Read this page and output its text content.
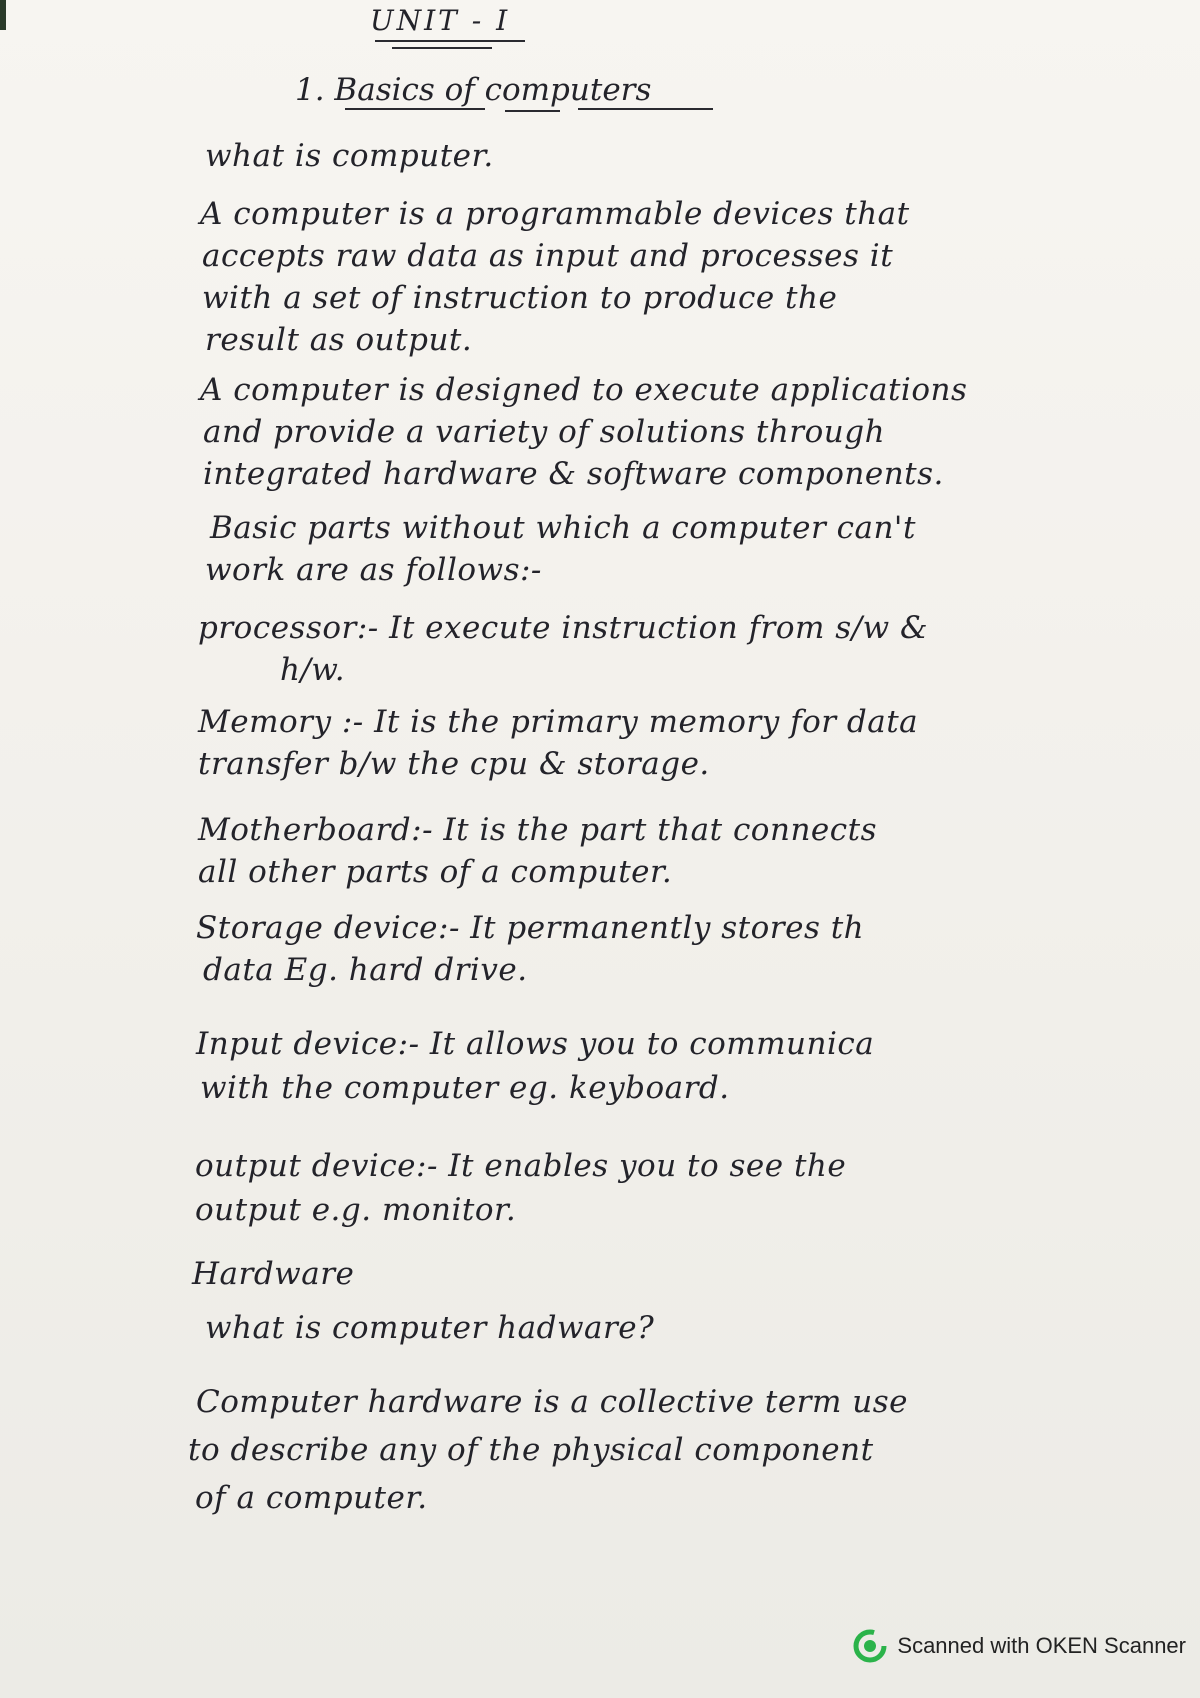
UNIT - I
1. Basics of computers
what is computer.
A computer is a programmable devices that
accepts raw data as input and processes it
with a set of instruction to produce the
result as output.
A computer is designed to execute applications
and provide a variety of solutions through
integrated hardware & software components.
Basic parts without which a computer can't
work are as follows:-
processor:- It execute instruction from s/w &
h/w.
Memory :- It is the primary memory for data
transfer b/w the cpu & storage.
Motherboard:- It is the part that connects
all other parts of a computer.
Storage device:- It permanently stores th
data Eg. hard drive.
Input device:- It allows you to communica
with the computer eg. keyboard.
output device:- It enables you to see the
output e.g. monitor.
Hardware
what is computer hadware?
Computer hardware is a collective term use
to describe any of the physical component
of a computer.
Scanned with OKEN Scanner
